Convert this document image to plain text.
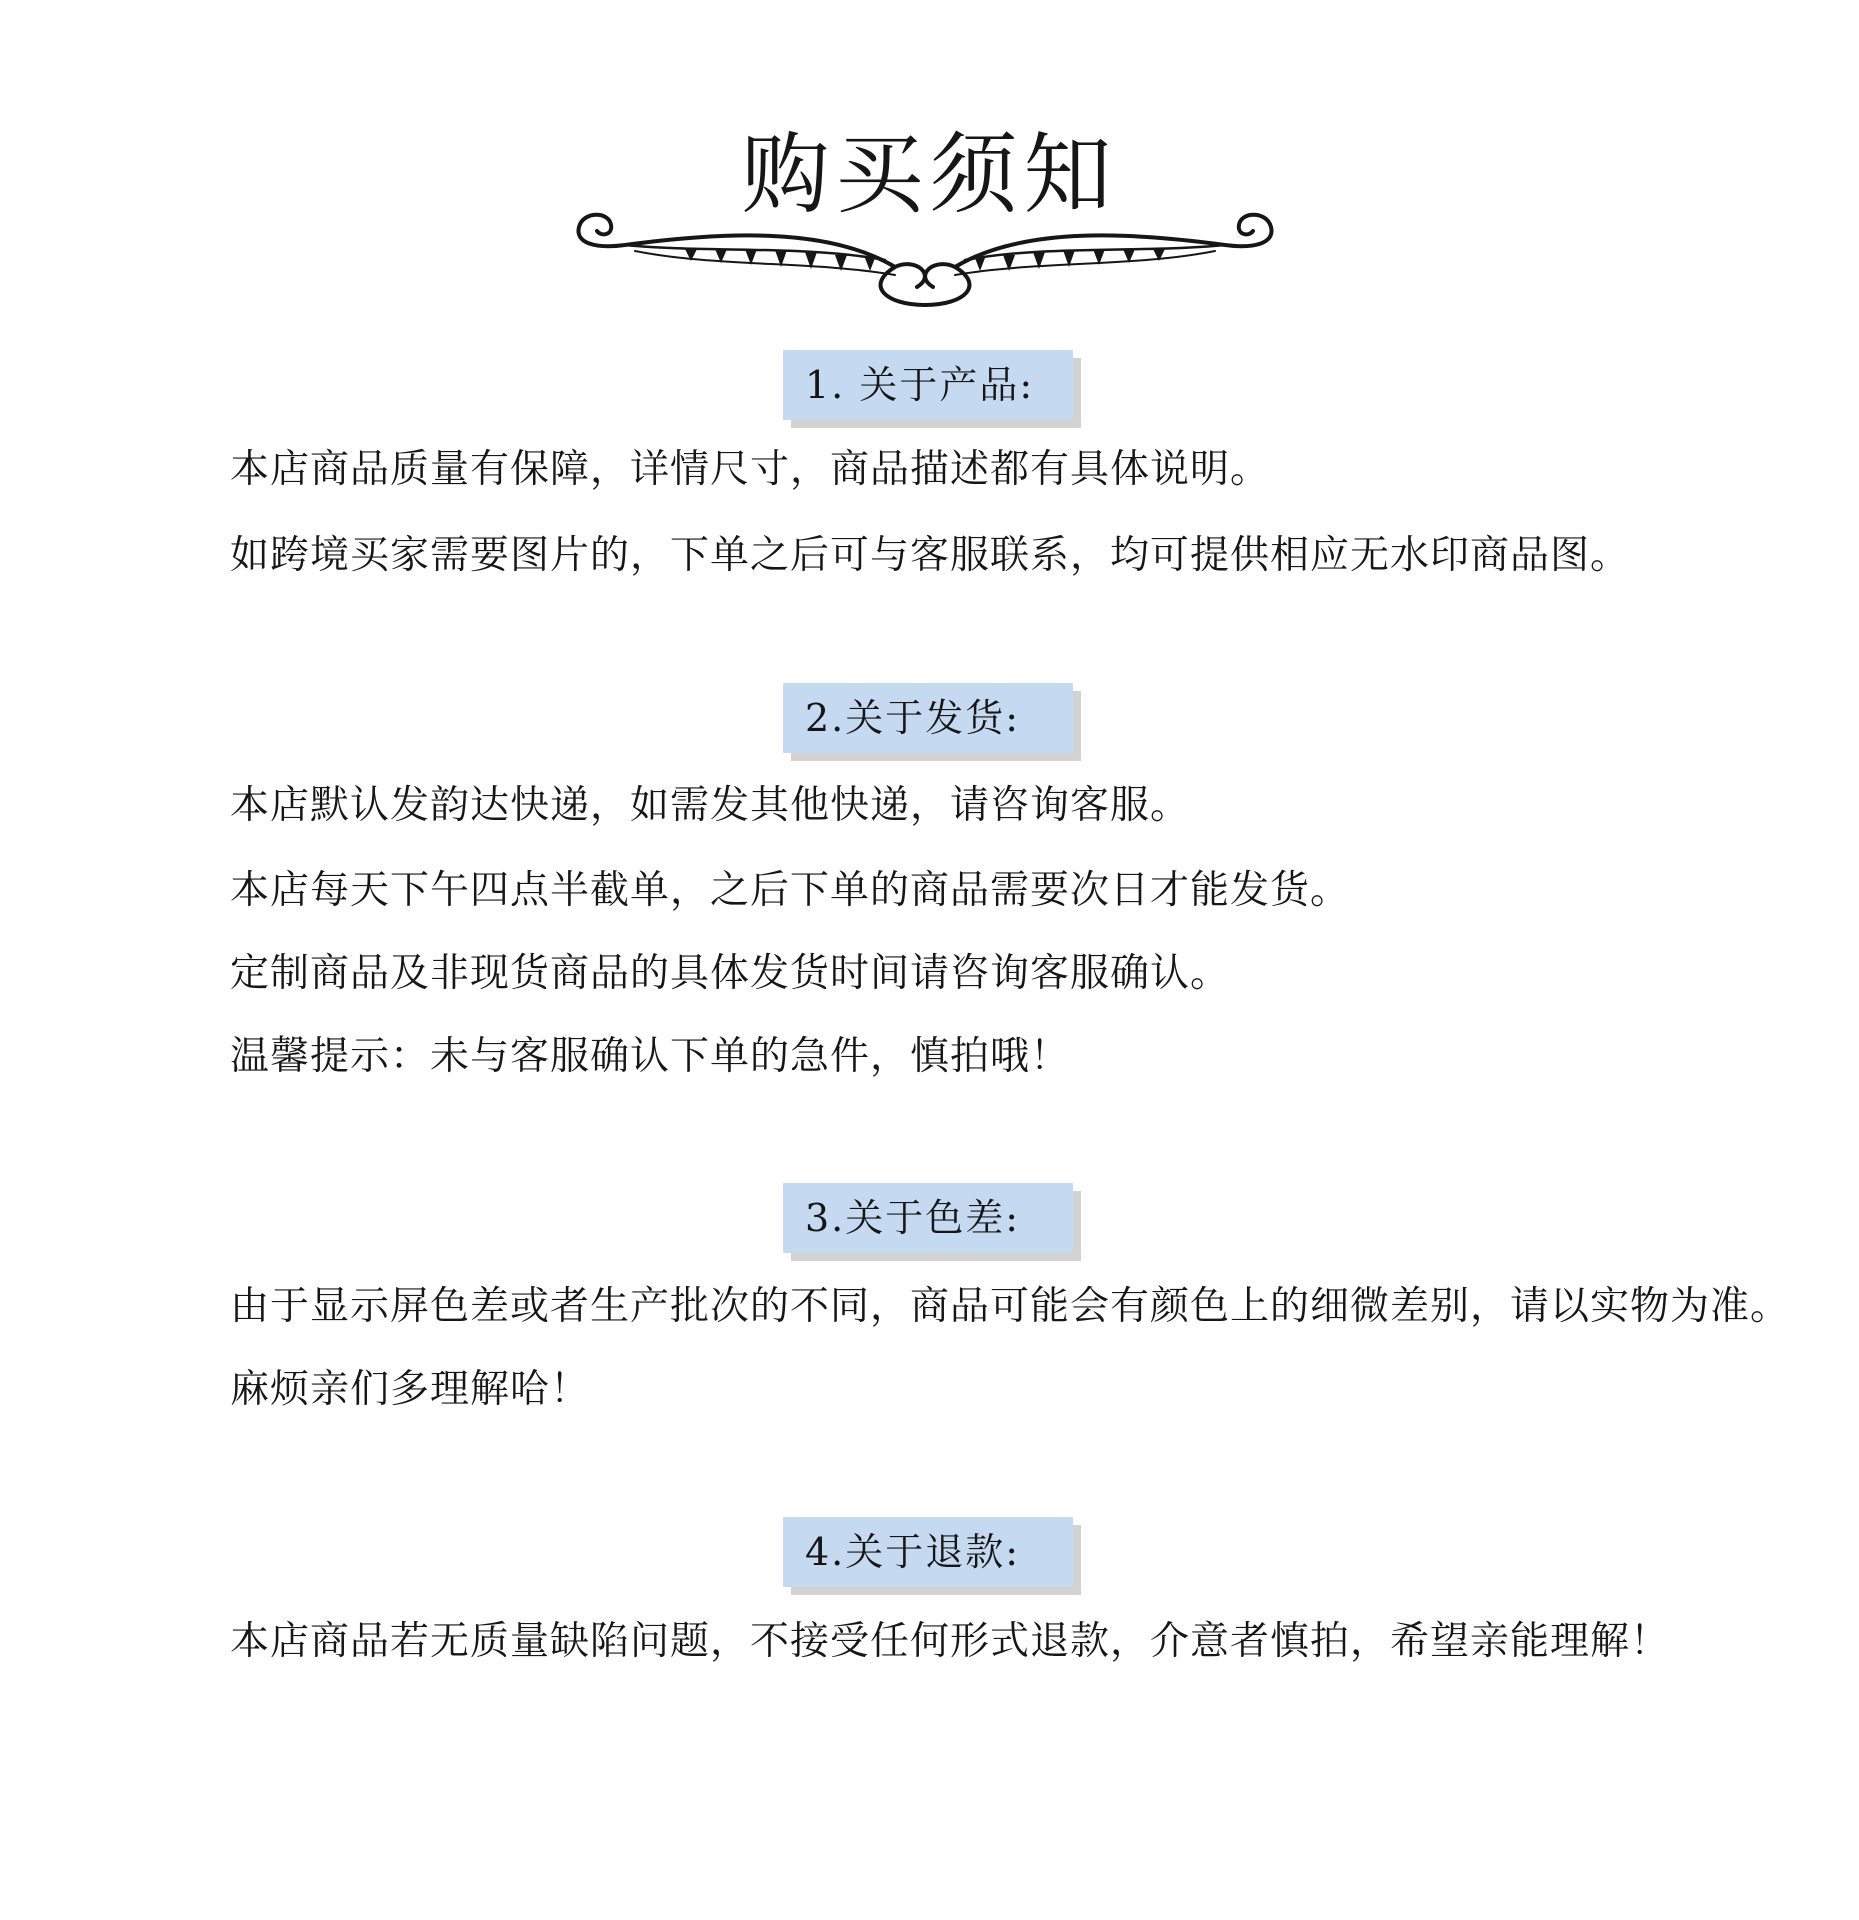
购买须知
1. 关于产品:
本店商品质量有保障，详情尺寸，商品描述都有具体说明。
如跨境买家需要图片的，下单之后可与客服联系，均可提供相应无水印商品图。
2.关于发货:
本店默认发韵达快递，如需发其他快递，请咨询客服。
本店每天下午四点半截单，之后下单的商品需要次日才能发货。
定制商品及非现货商品的具体发货时间请咨询客服确认。
温馨提示：未与客服确认下单的急件，慎拍哦！
3.关于色差:
由于显示屏色差或者生产批次的不同，商品可能会有颜色上的细微差别，请以实物为准。
麻烦亲们多理解哈！
4.关于退款:
本店商品若无质量缺陷问题，不接受任何形式退款，介意者慎拍，希望亲能理解！
